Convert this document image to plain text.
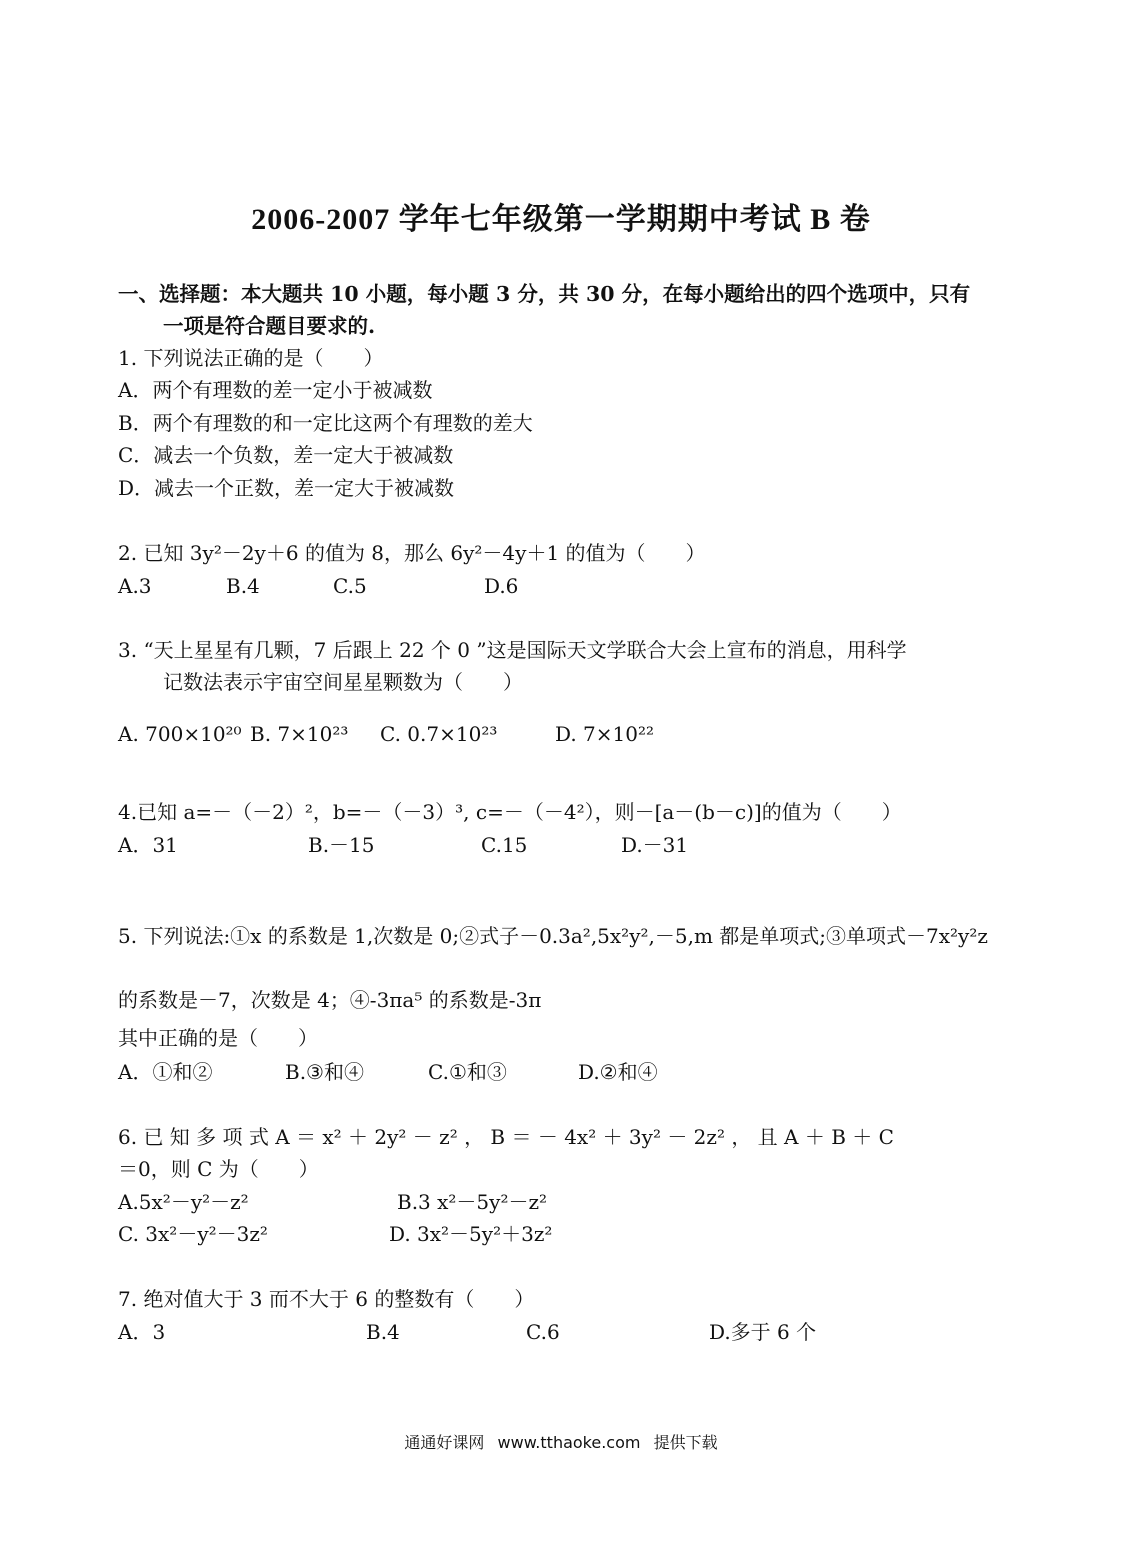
2006-2007 学年七年级第一学期期中考试 B 卷
一、选择题：本大题共 10 小题，每小题 3 分，共 30 分，在每小题给出的四个选项中，只有
一项是符合题目要求的.
1. 下列说法正确的是（　　）
A．两个有理数的差一定小于被减数
B．两个有理数的和一定比这两个有理数的差大
C．减去一个负数，差一定大于被减数
D．减去一个正数，差一定大于被减数
2. 已知 3y²－2y＋6 的值为 8，那么 6y²－4y＋1 的值为（　　）
A.3	B.4	C.5	D.6
3. “天上星星有几颗，7 后跟上 22 个 0 ”这是国际天文学联合大会上宣布的消息，用科学
记数法表示宇宙空间星星颗数为（　　）
A. 700×10²⁰ B. 7×10²³ C. 0.7×10²³	D. 7×10²²
4.已知 a=－（－2）²，b=－（－3）³, c=－（－4²），则－[a－(b－c)]的值为（　　）
A．31	B.－15	C.15	D.－31
5. 下列说法:①x 的系数是 1,次数是 0;②式子－0.3a²,5x²y²,－5,m 都是单项式;③单项式－7x²y²z
的系数是－7，次数是 4；④-3πa⁵ 的系数是-3π
其中正确的是（　　）
A．①和②	B.③和④	C.①和③	D.②和④
6. 已 知 多 项 式 A ＝ x² ＋ 2y² － z² ， B ＝ － 4x² ＋ 3y² － 2z² ， 且 A ＋ B ＋ C
＝0，则 C 为（　　）
A.5x²－y²－z²	B.3 x²－5y²－z²
C. 3x²－y²－3z²	D. 3x²－5y²＋3z²
7. 绝对值大于 3 而不大于 6 的整数有（　　）
A．3	B.4	C.6	D.多于 6 个
通通好课网 www.tthaoke.com 提供下载
